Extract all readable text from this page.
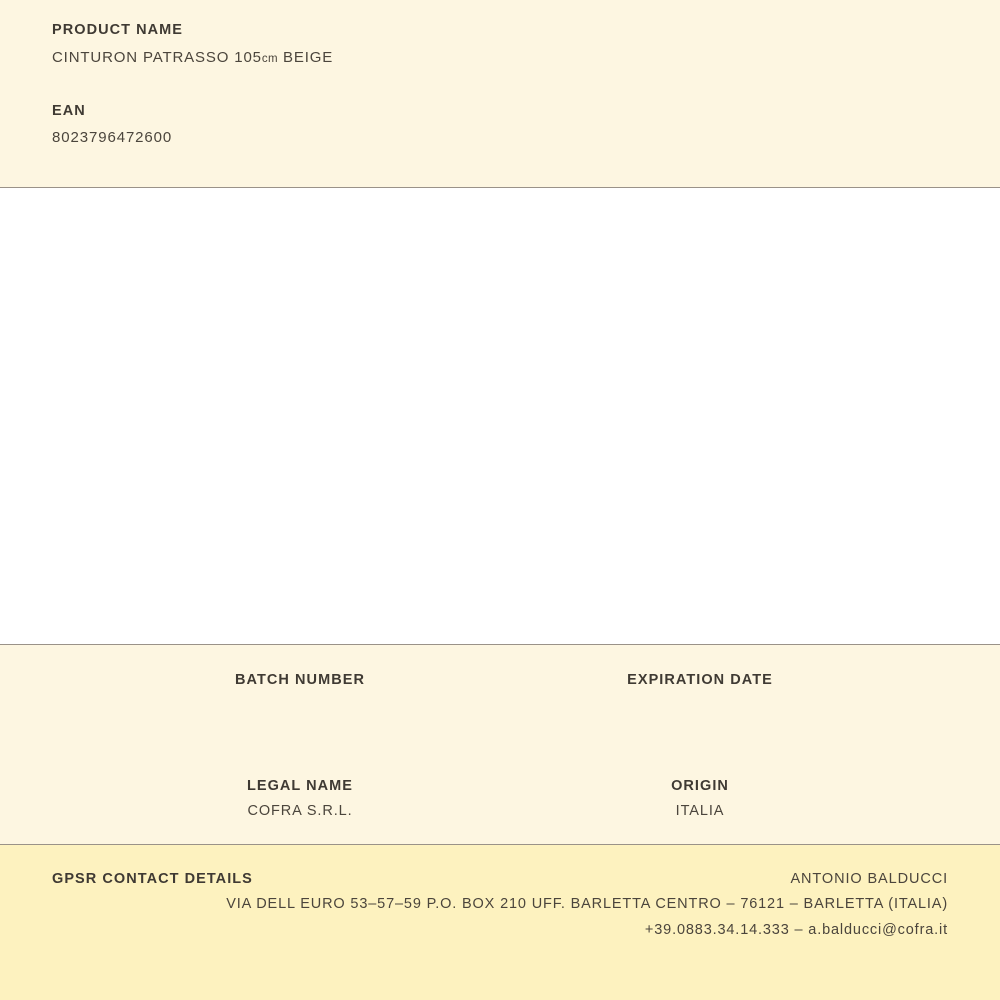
PRODUCT NAME

CINTURON PATRASSO 105cm BEIGE

EAN

8023796472600

BATCH NUMBER	EXPIRATION DATE

LEGAL NAME

COFRA S.R.L.

ORIGIN

ITALIA

GPSR CONTACT DETAILS	ANTONIO BALDUCCI
VIA DELL EURO 53–57–59 P.O. BOX 210 UFF. BARLETTA CENTRO – 76121 – BARLETTA (ITALIA)
+39.0883.34.14.333 – a.balducci@cofra.it
